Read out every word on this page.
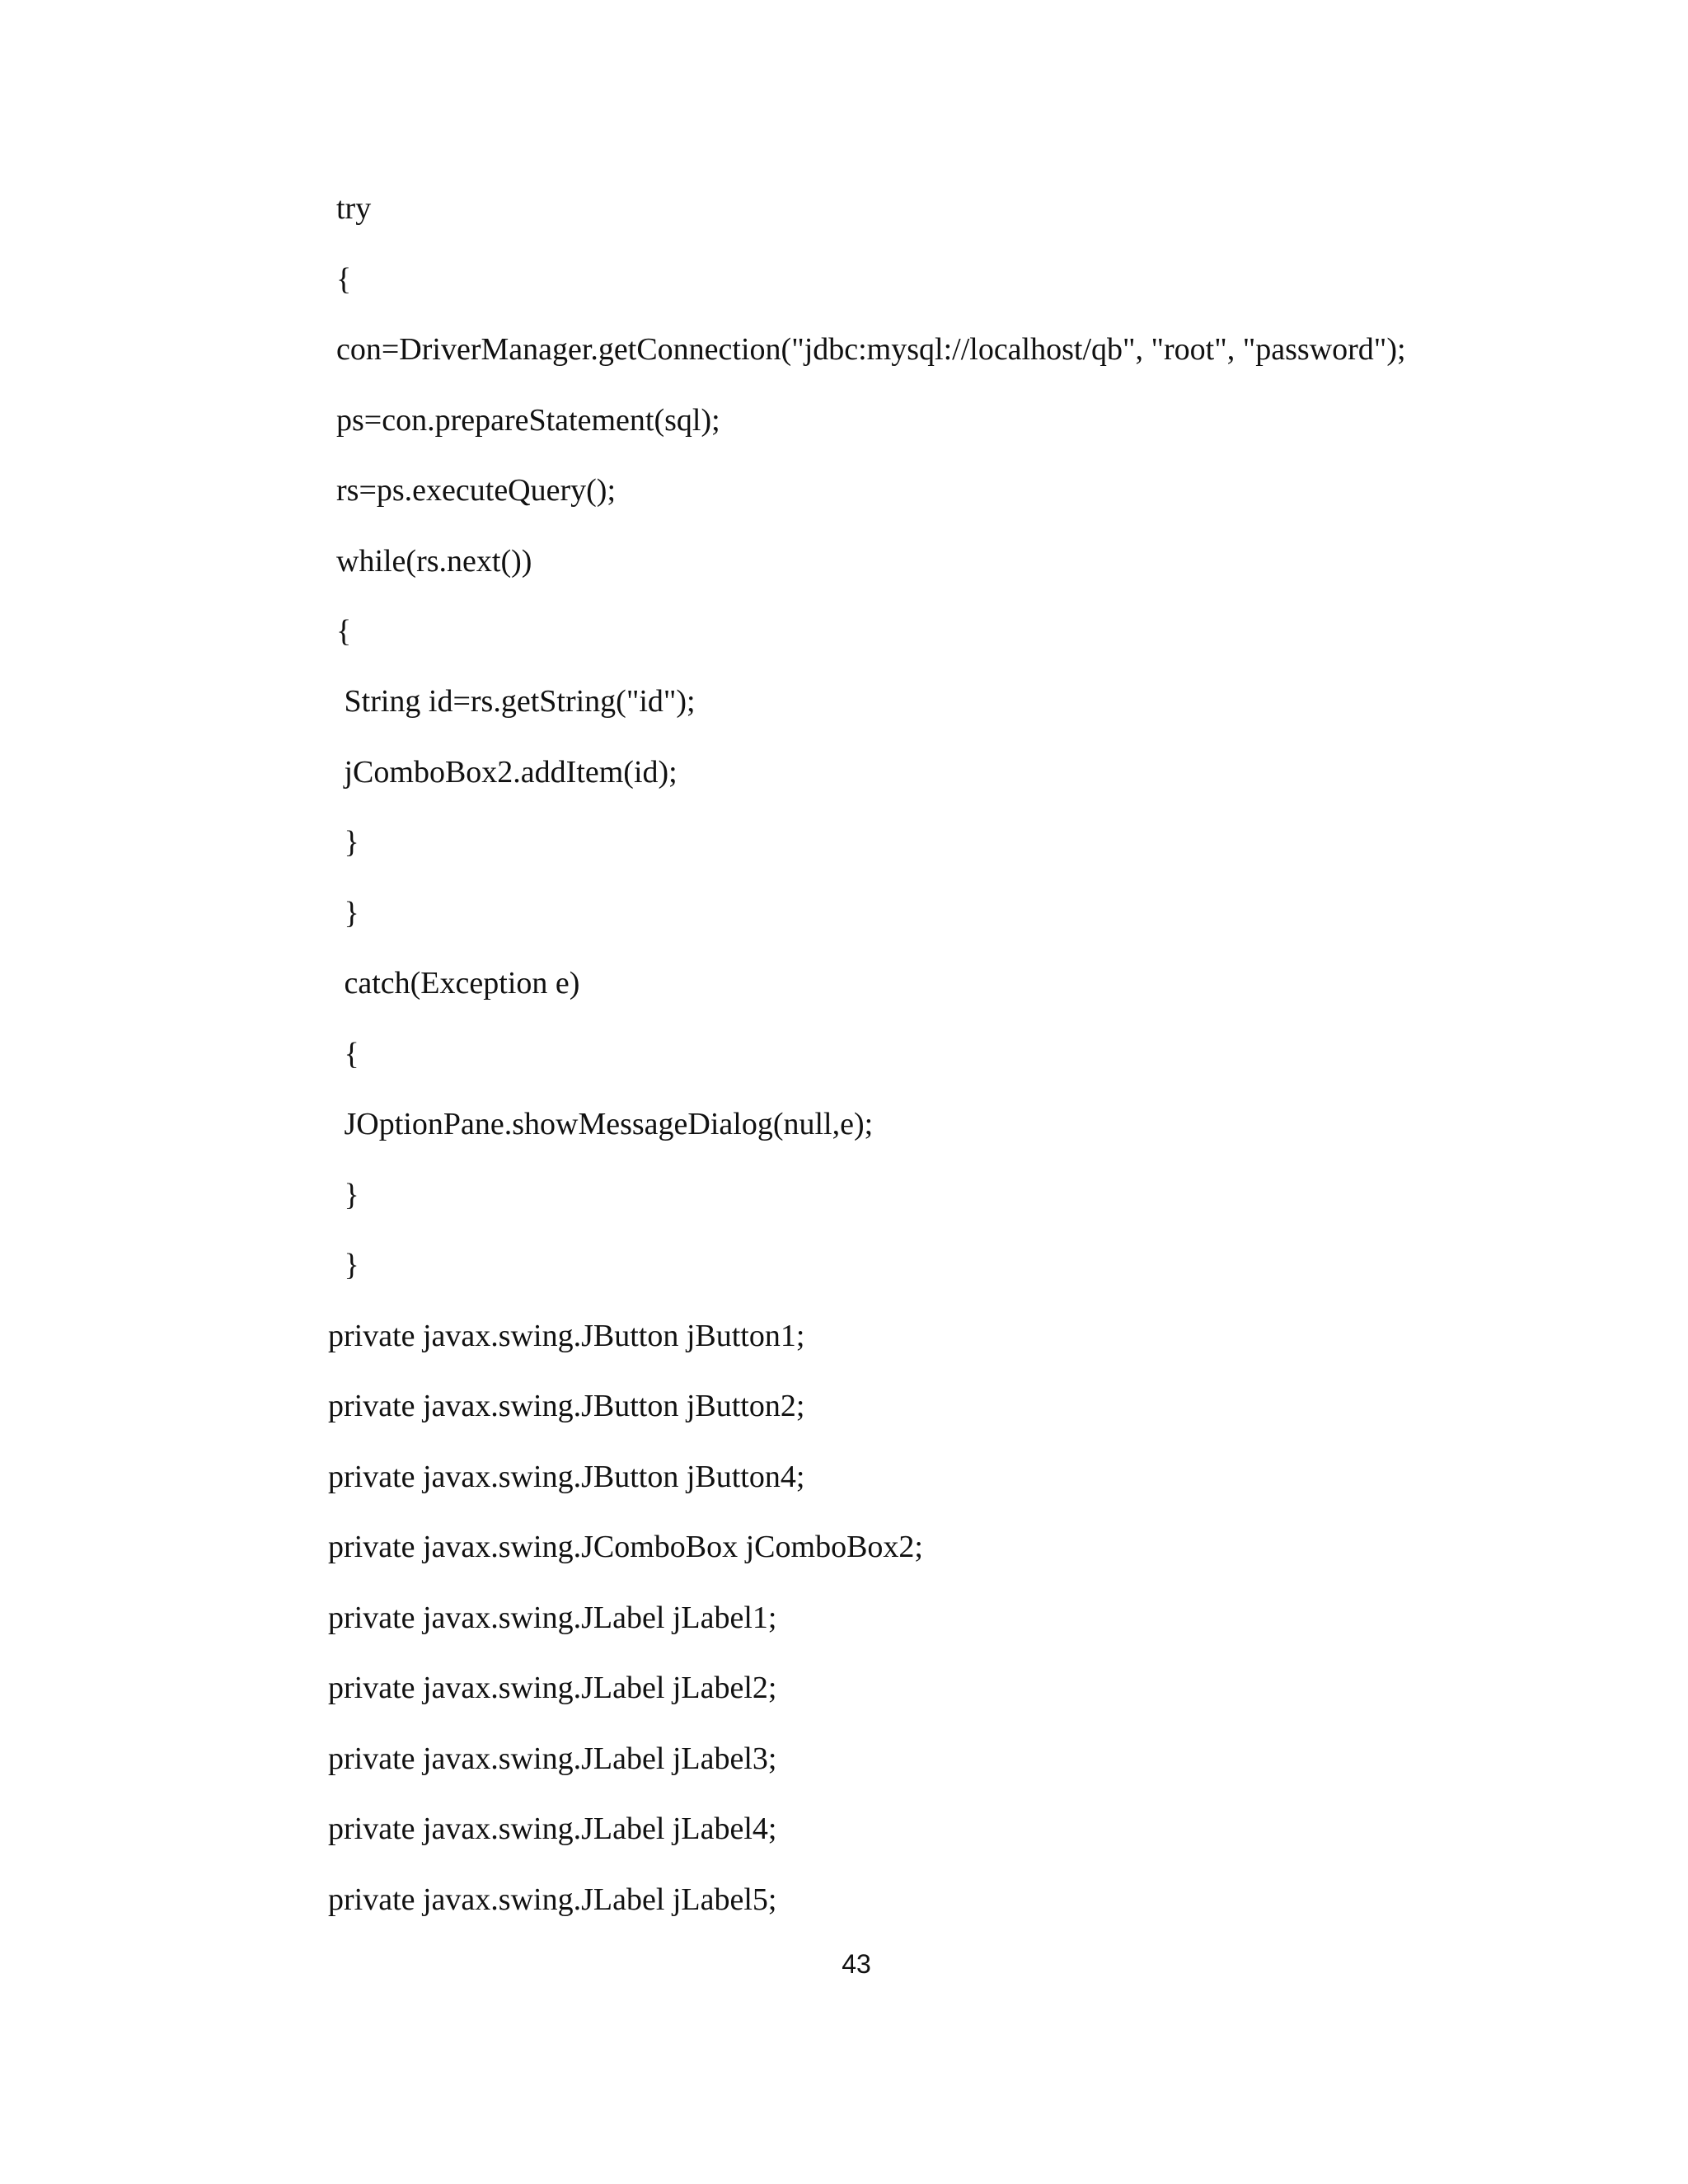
try
{
con=DriverManager.getConnection("jdbc:mysql://localhost/qb", "root", "password");
ps=con.prepareStatement(sql);
rs=ps.executeQuery();
while(rs.next())
{
String id=rs.getString("id");
jComboBox2.addItem(id);
}
}
catch(Exception e)
{
JOptionPane.showMessageDialog(null,e);
}
}
private javax.swing.JButton jButton1;
private javax.swing.JButton jButton2;
private javax.swing.JButton jButton4;
private javax.swing.JComboBox jComboBox2;
private javax.swing.JLabel jLabel1;
private javax.swing.JLabel jLabel2;
private javax.swing.JLabel jLabel3;
private javax.swing.JLabel jLabel4;
private javax.swing.JLabel jLabel5;
43
